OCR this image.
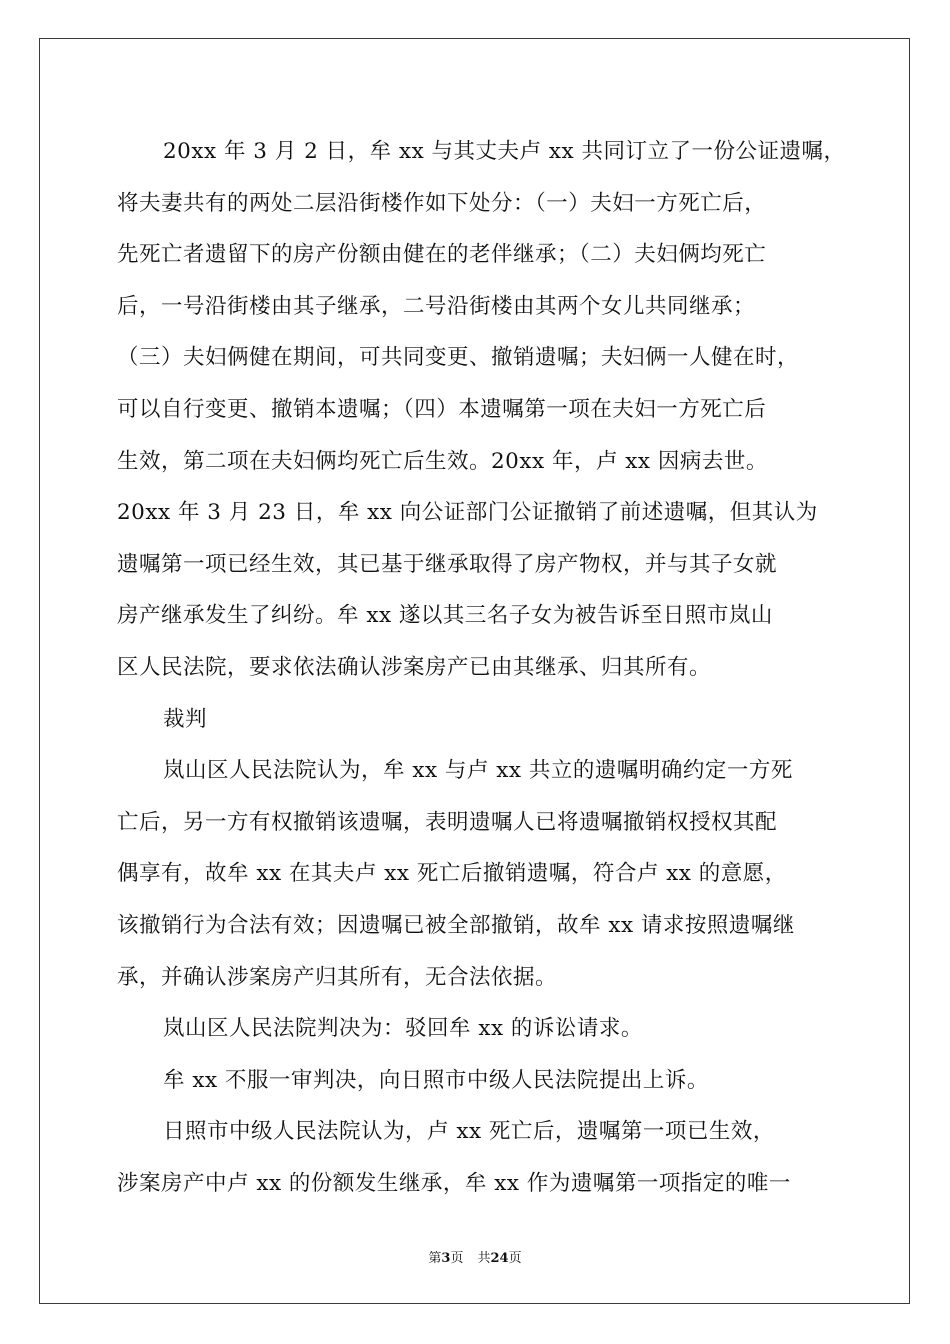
20xx 年 3 月 2 日，牟 xx 与其丈夫卢 xx 共同订立了一份公证遗嘱，
将夫妻共有的两处二层沿街楼作如下处分：（一）夫妇一方死亡后，
先死亡者遗留下的房产份额由健在的老伴继承；（二）夫妇俩均死亡
后，一号沿街楼由其子继承，二号沿街楼由其两个女儿共同继承；
（三）夫妇俩健在期间，可共同变更、撤销遗嘱；夫妇俩一人健在时，
可以自行变更、撤销本遗嘱；（四）本遗嘱第一项在夫妇一方死亡后
生效，第二项在夫妇俩均死亡后生效。20xx 年，卢 xx 因病去世。
20xx 年 3 月 23 日，牟 xx 向公证部门公证撤销了前述遗嘱，但其认为
遗嘱第一项已经生效，其已基于继承取得了房产物权，并与其子女就
房产继承发生了纠纷。牟 xx 遂以其三名子女为被告诉至日照市岚山
区人民法院，要求依法确认涉案房产已由其继承、归其所有。
裁判
岚山区人民法院认为，牟 xx 与卢 xx 共立的遗嘱明确约定一方死
亡后，另一方有权撤销该遗嘱，表明遗嘱人已将遗嘱撤销权授权其配
偶享有，故牟 xx 在其夫卢 xx 死亡后撤销遗嘱，符合卢 xx 的意愿，
该撤销行为合法有效；因遗嘱已被全部撤销，故牟 xx 请求按照遗嘱继
承，并确认涉案房产归其所有，无合法依据。
岚山区人民法院判决为：驳回牟 xx 的诉讼请求。
牟 xx 不服一审判决，向日照市中级人民法院提出上诉。
日照市中级人民法院认为，卢 xx 死亡后，遗嘱第一项已生效，
涉案房产中卢 xx 的份额发生继承，牟 xx 作为遗嘱第一项指定的唯一
第3页 共24页
